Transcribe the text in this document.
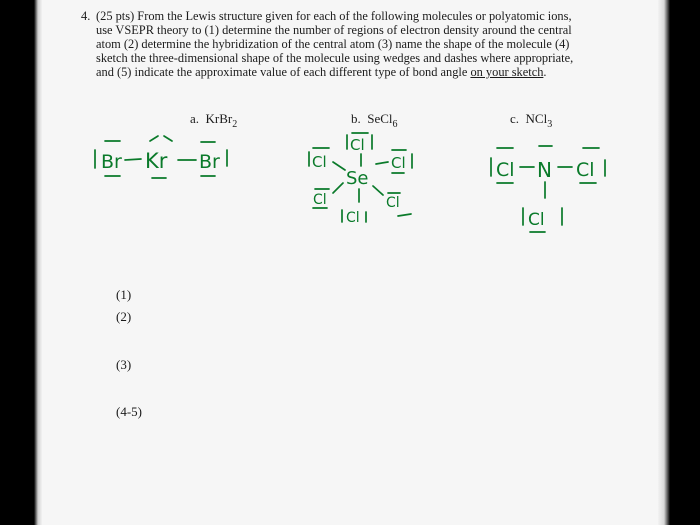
4. (25 pts) From the Lewis structure given for each of the following molecules or polyatomic ions,
use VSEPR theory to (1) determine the number of regions of electron density around the central
atom (2) determine the hybridization of the central atom (3) name the shape of the molecule (4)
sketch the three-dimensional shape of the molecule using wedges and dashes where appropriate,
and (5) indicate the approximate value of each different type of bond angle on your sketch.
a. KrBr$_2$	b. SeCl$_6$	c. NCl$_3$
Br Kr Br
Cl
Cl
Se
Cl
Cl
Cl
Cl
Cl N Cl
Cl
(1)
(2)
(3)
(4-5)
